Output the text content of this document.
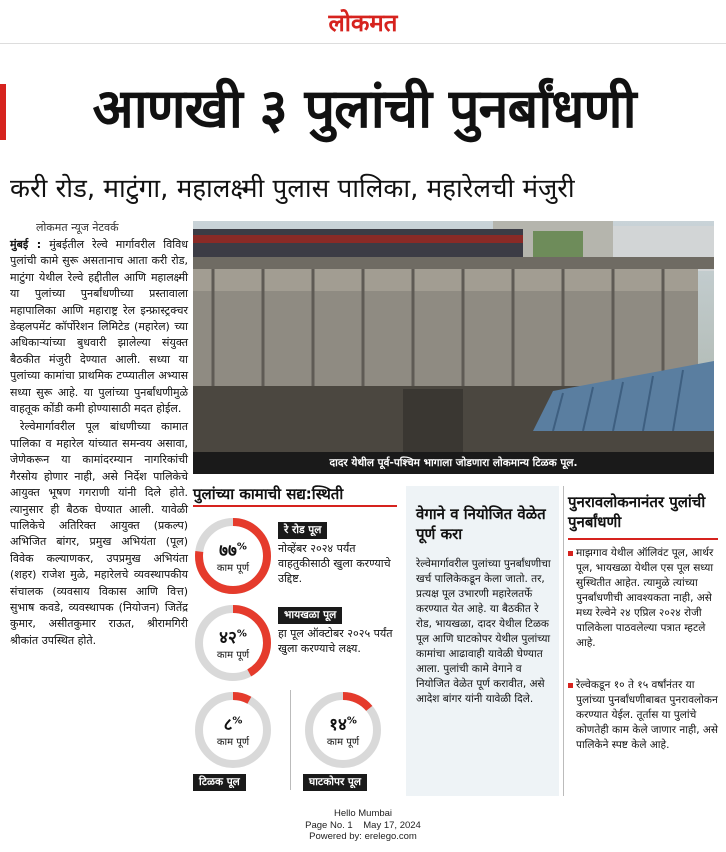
लोकमत
आणखी ३ पुलांची पुनर्बांधणी
करी रोड, माटुंगा, महालक्ष्मी पुलास पालिका, महारेलची मंजुरी
लोकमत न्यूज नेटवर्क

मुंबई : मुंबईतील रेल्वे मार्गावरील विविध पुलांची कामे सुरू असतानाच आता करी रोड, माटुंगा येथील रेल्वे हद्दीतील आणि महालक्ष्मी या पुलांच्या पुनर्बांधणीच्या प्रस्तावाला महापालिका आणि महाराष्ट्र रेल इन्फ्रास्ट्रक्चर डेव्हलपमेंट कॉर्पोरेशन लिमिटेड (महारेल) च्या अधिकाऱ्यांच्या बुधवारी झालेल्या संयुक्त बैठकीत मंजुरी देण्यात आली. सध्या या पुलांच्या कामांचा प्राथमिक टप्प्यातील अभ्यास सध्या सुरू आहे. या पुलांच्या पुनर्बांधणीमुळे वाहतूक कोंडी कमी होण्यासाठी मदत होईल.

रेल्वेमार्गावरील पूल बांधणीच्या कामात पालिका व महारेल यांच्यात समन्वय असावा, जेणेकरून या कामांदरम्यान नागरिकांची गैरसोय होणार नाही, असे निर्देश पालिकेचे आयुक्त भूषण गगराणी यांनी दिले होते. त्यानुसार ही बैठक घेण्यात आली. यावेळी पालिकेचे अतिरिक्त आयुक्त (प्रकल्प) अभिजित बांगर, प्रमुख अभियंता (पूल) विवेक कल्याणकर, उपप्रमुख अभियंता (शहर) राजेश मुळे, महारेलचे व्यवस्थापकीय संचालक (व्यवसाय विकास आणि वित्त) सुभाष कवडे, व्यवस्थापक (नियोजन) जितेंद्र कुमार, असीतकुमार राऊत, श्रीरामगिरी श्रीकांत उपस्थित होते.

दादर येथील पूर्व-पश्चिम भागाला जोडणारा लोकमान्य टिळक पूल.
पुलांच्या कामाची सद्य:स्थिती
७७%
काम पूर्ण
४२%
काम पूर्ण
८%
काम पूर्ण
१४%
काम पूर्ण
रे रोड पूल
नोव्हेंबर २०२४ पर्यंत वाहतुकीसाठी खुला करण्याचे उद्दिष्ट.
भायखळा पूल
हा पूल ऑक्टोबर २०२५ पर्यंत खुला करण्याचे लक्ष्य.
टिळक पूल	घाटकोपर पूल
वेगाने व नियोजित वेळेत पूर्ण करा
रेल्वेमार्गावरील पुलांच्या पुनर्बांधणीचा खर्च पालिकेकडून केला जातो. तर, प्रत्यक्ष पूल उभारणी महारेलतर्फे करण्यात येत आहे. या बैठकीत रे रोड, भायखळा, दादर येथील टिळक पूल आणि घाटकोपर येथील पुलांच्या कामांचा आढावाही यावेळी घेण्यात आला. पुलांची कामे वेगाने व नियोजित वेळेत पूर्ण करावीत, असे आदेश बांगर यांनी यावेळी दिले.
पुनरावलोकनानंतर पुलांची पुनर्बांधणी
माझगाव येथील ऑलिवंट पूल, आर्थर पूल, भायखळा येथील एस पूल सध्या सुस्थितीत आहेत. त्यामुळे त्यांच्या पुनर्बांधणीची आवश्यकता नाही, असे मध्य रेल्वेने २४ एप्रिल २०२४ रोजी पालिकेला पाठवलेल्या पत्रात म्हटले आहे.
रेल्वेकडून १० ते १५ वर्षांनंतर या पुलांच्या पुनर्बांधणीबाबत पुनरावलोकन करण्यात येईल. तूर्तास या पुलांचे कोणतेही काम केले जाणार नाही, असे पालिकेने स्पष्ट केले आहे.
Hello Mumbai
Page No. 1 May 17, 2024
Powered by: erelego.com
